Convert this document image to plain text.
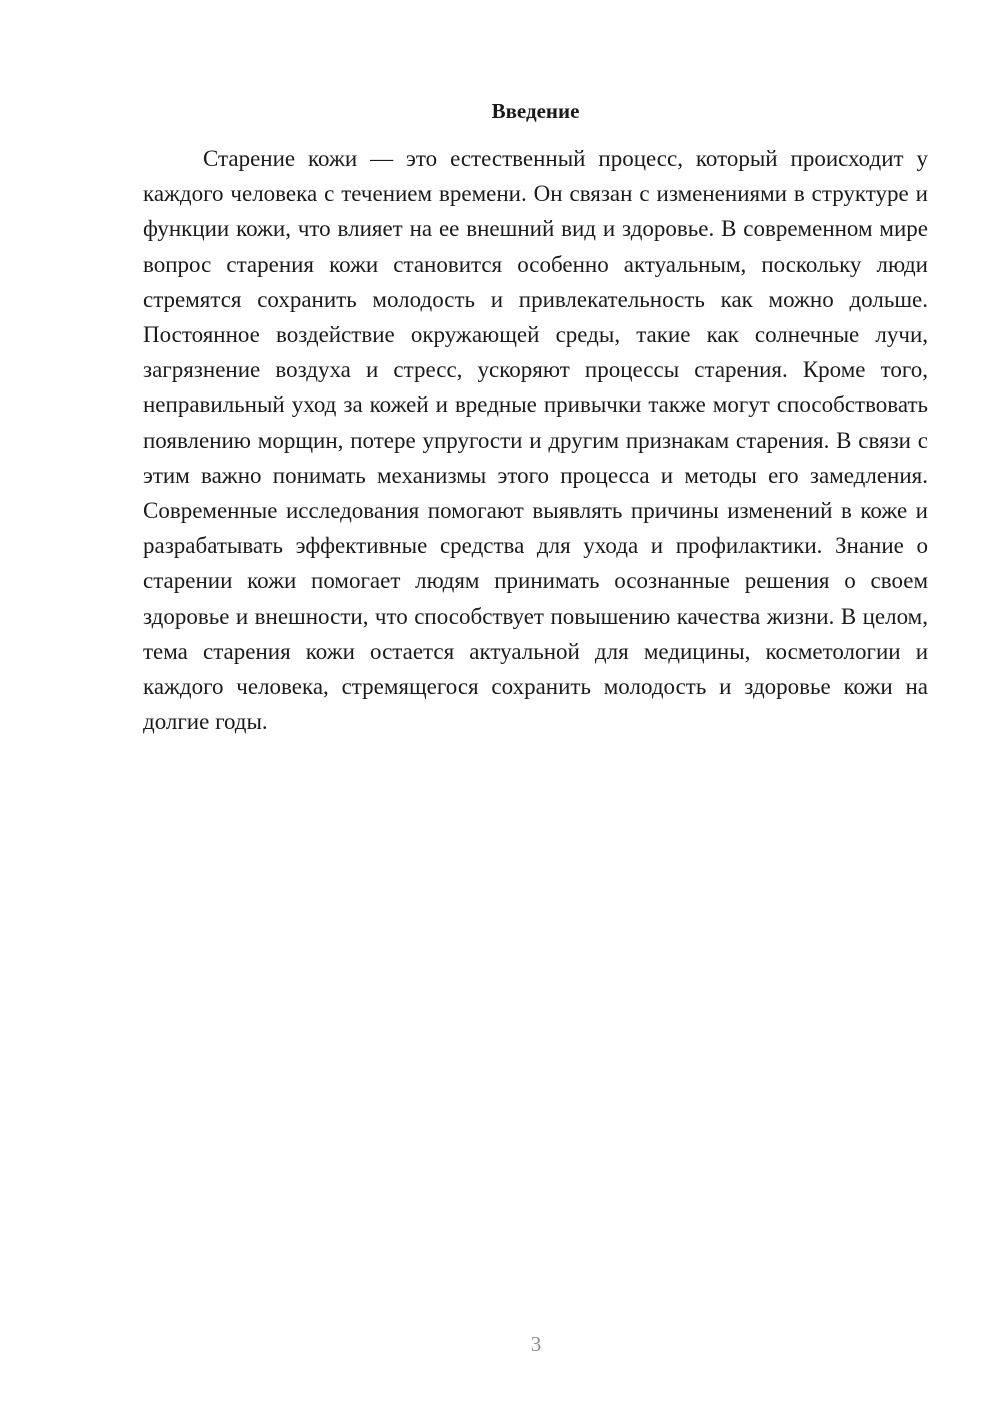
Введение

Старение кожи — это естественный процесс, который происходит у каждого человека с течением времени. Он связан с изменениями в структуре и функции кожи, что влияет на ее внешний вид и здоровье. В современном мире вопрос старения кожи становится особенно актуальным, поскольку люди стремятся сохранить молодость и привлекательность как можно дольше. Постоянное воздействие окружающей среды, такие как солнечные лучи, загрязнение воздуха и стресс, ускоряют процессы старения. Кроме того, неправильный уход за кожей и вредные привычки также могут способствовать появлению морщин, потере упругости и другим признакам старения. В связи с этим важно понимать механизмы этого процесса и методы его замедления. Современные исследования помогают выявлять причины изменений в коже и разрабатывать эффективные средства для ухода и профилактики. Знание о старении кожи помогает людям принимать осознанные решения о своем здоровье и внешности, что способствует повышению качества жизни. В целом, тема старения кожи остается актуальной для медицины, косметологии и каждого человека, стремящегося сохранить молодость и здоровье кожи на долгие годы.

3
